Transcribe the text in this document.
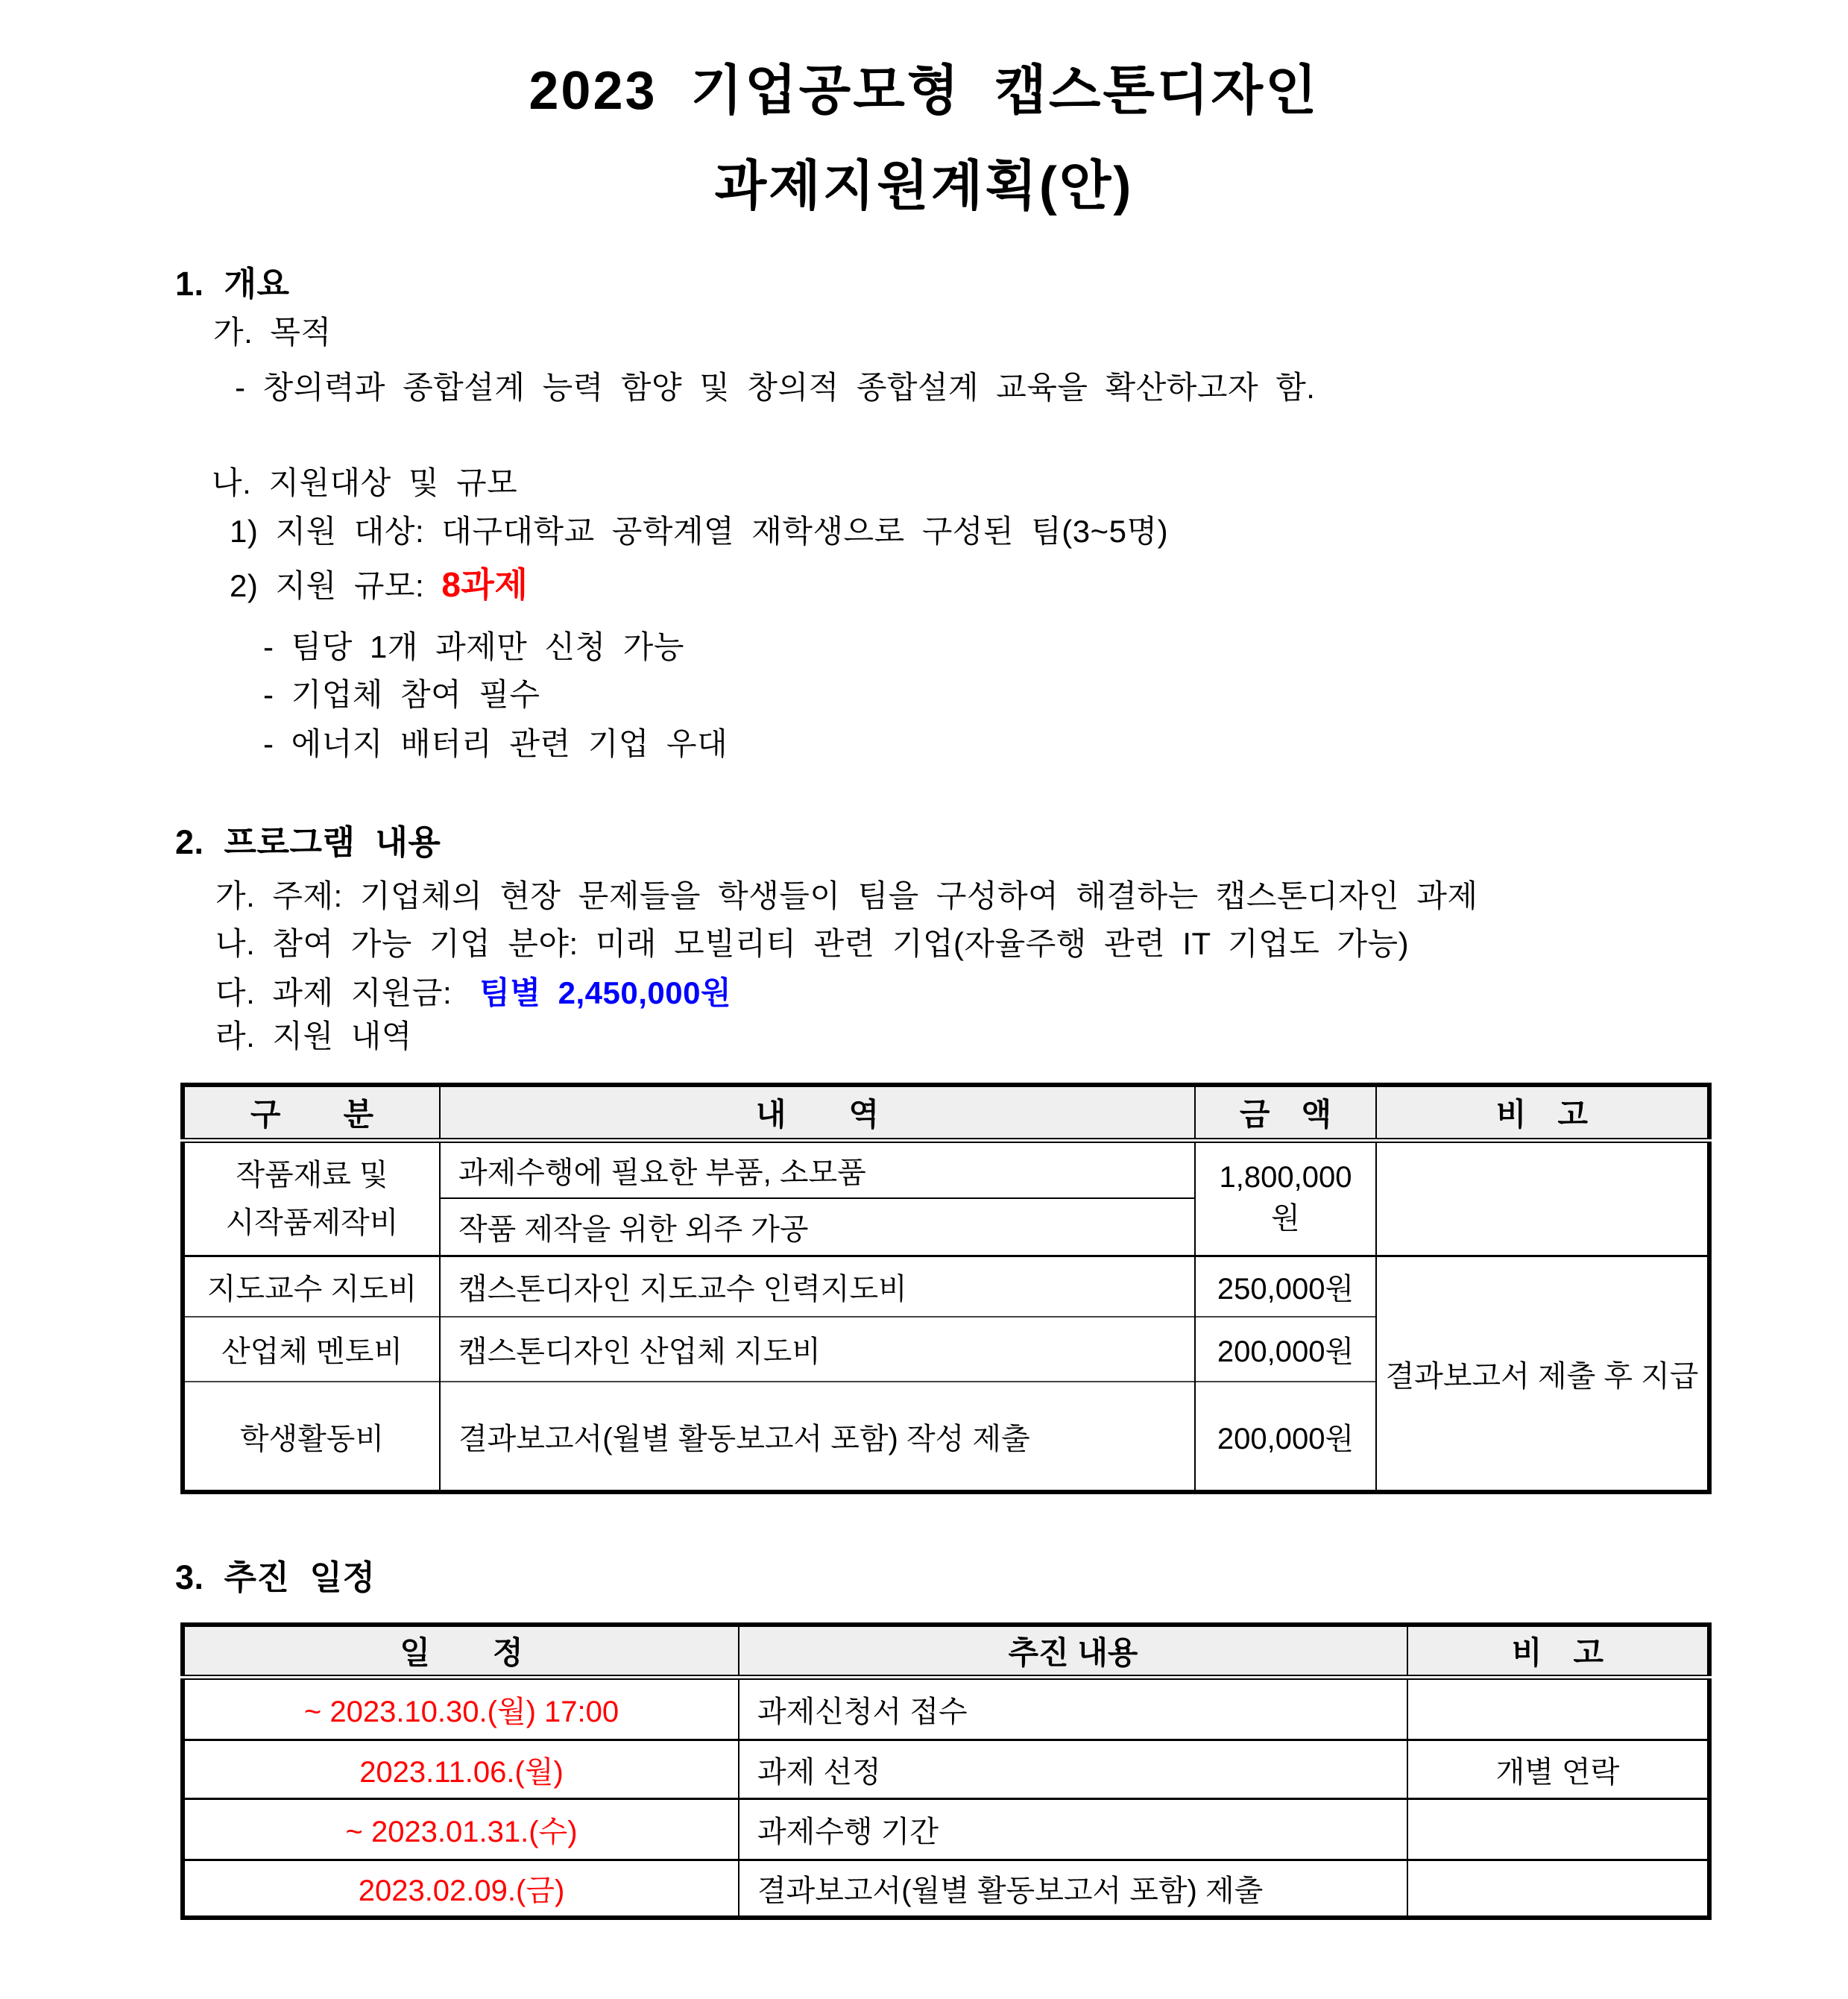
2023 기업공모형 캡스톤디자인
과제지원계획(안)
1. 개요
가. 목적
- 창의력과 종합설계 능력 함양 및 창의적 종합설계 교육을 확산하고자 함.
나. 지원대상 및 규모
1) 지원 대상: 대구대학교 공학계열 재학생으로 구성된 팀(3~5명)
2) 지원 규모: 8과제
- 팀당 1개 과제만 신청 가능
- 기업체 참여 필수
- 에너지 배터리 관련 기업 우대
2. 프로그램 내용
가. 주제: 기업체의 현장 문제들을 학생들이 팀을 구성하여 해결하는 캡스톤디자인 과제
나. 참여 가능 기업 분야: 미래 모빌리티 관련 기업(자율주행 관련 IT 기업도 가능)
다. 과제 지원금: 팀별 2,450,000원
라. 지원 내역
구　　분	내　　역	금　액	비　고

작품재료 및
시작품제작비	과제수행에 필요한 부품, 소모품	1,800,000원	
	작품 제작을 위한 외주 가공		
지도교수 지도비	캡스톤디자인 지도교수 인력지도비	250,000원	결과보고서 제출 후 지급
산업체 멘토비	캡스톤디자인 산업체 지도비	200,000원	
학생활동비	결과보고서(월별 활동보고서 포함) 작성 제출	200,000원	
3. 추진 일정
일　　정	추진 내용	비　고
~ 2023.10.30.(월) 17:00	과제신청서 접수	
2023.11.06.(월)	과제 선정	개별 연락
~ 2023.01.31.(수)	과제수행 기간	
2023.02.09.(금)	결과보고서(월별 활동보고서 포함) 제출	
